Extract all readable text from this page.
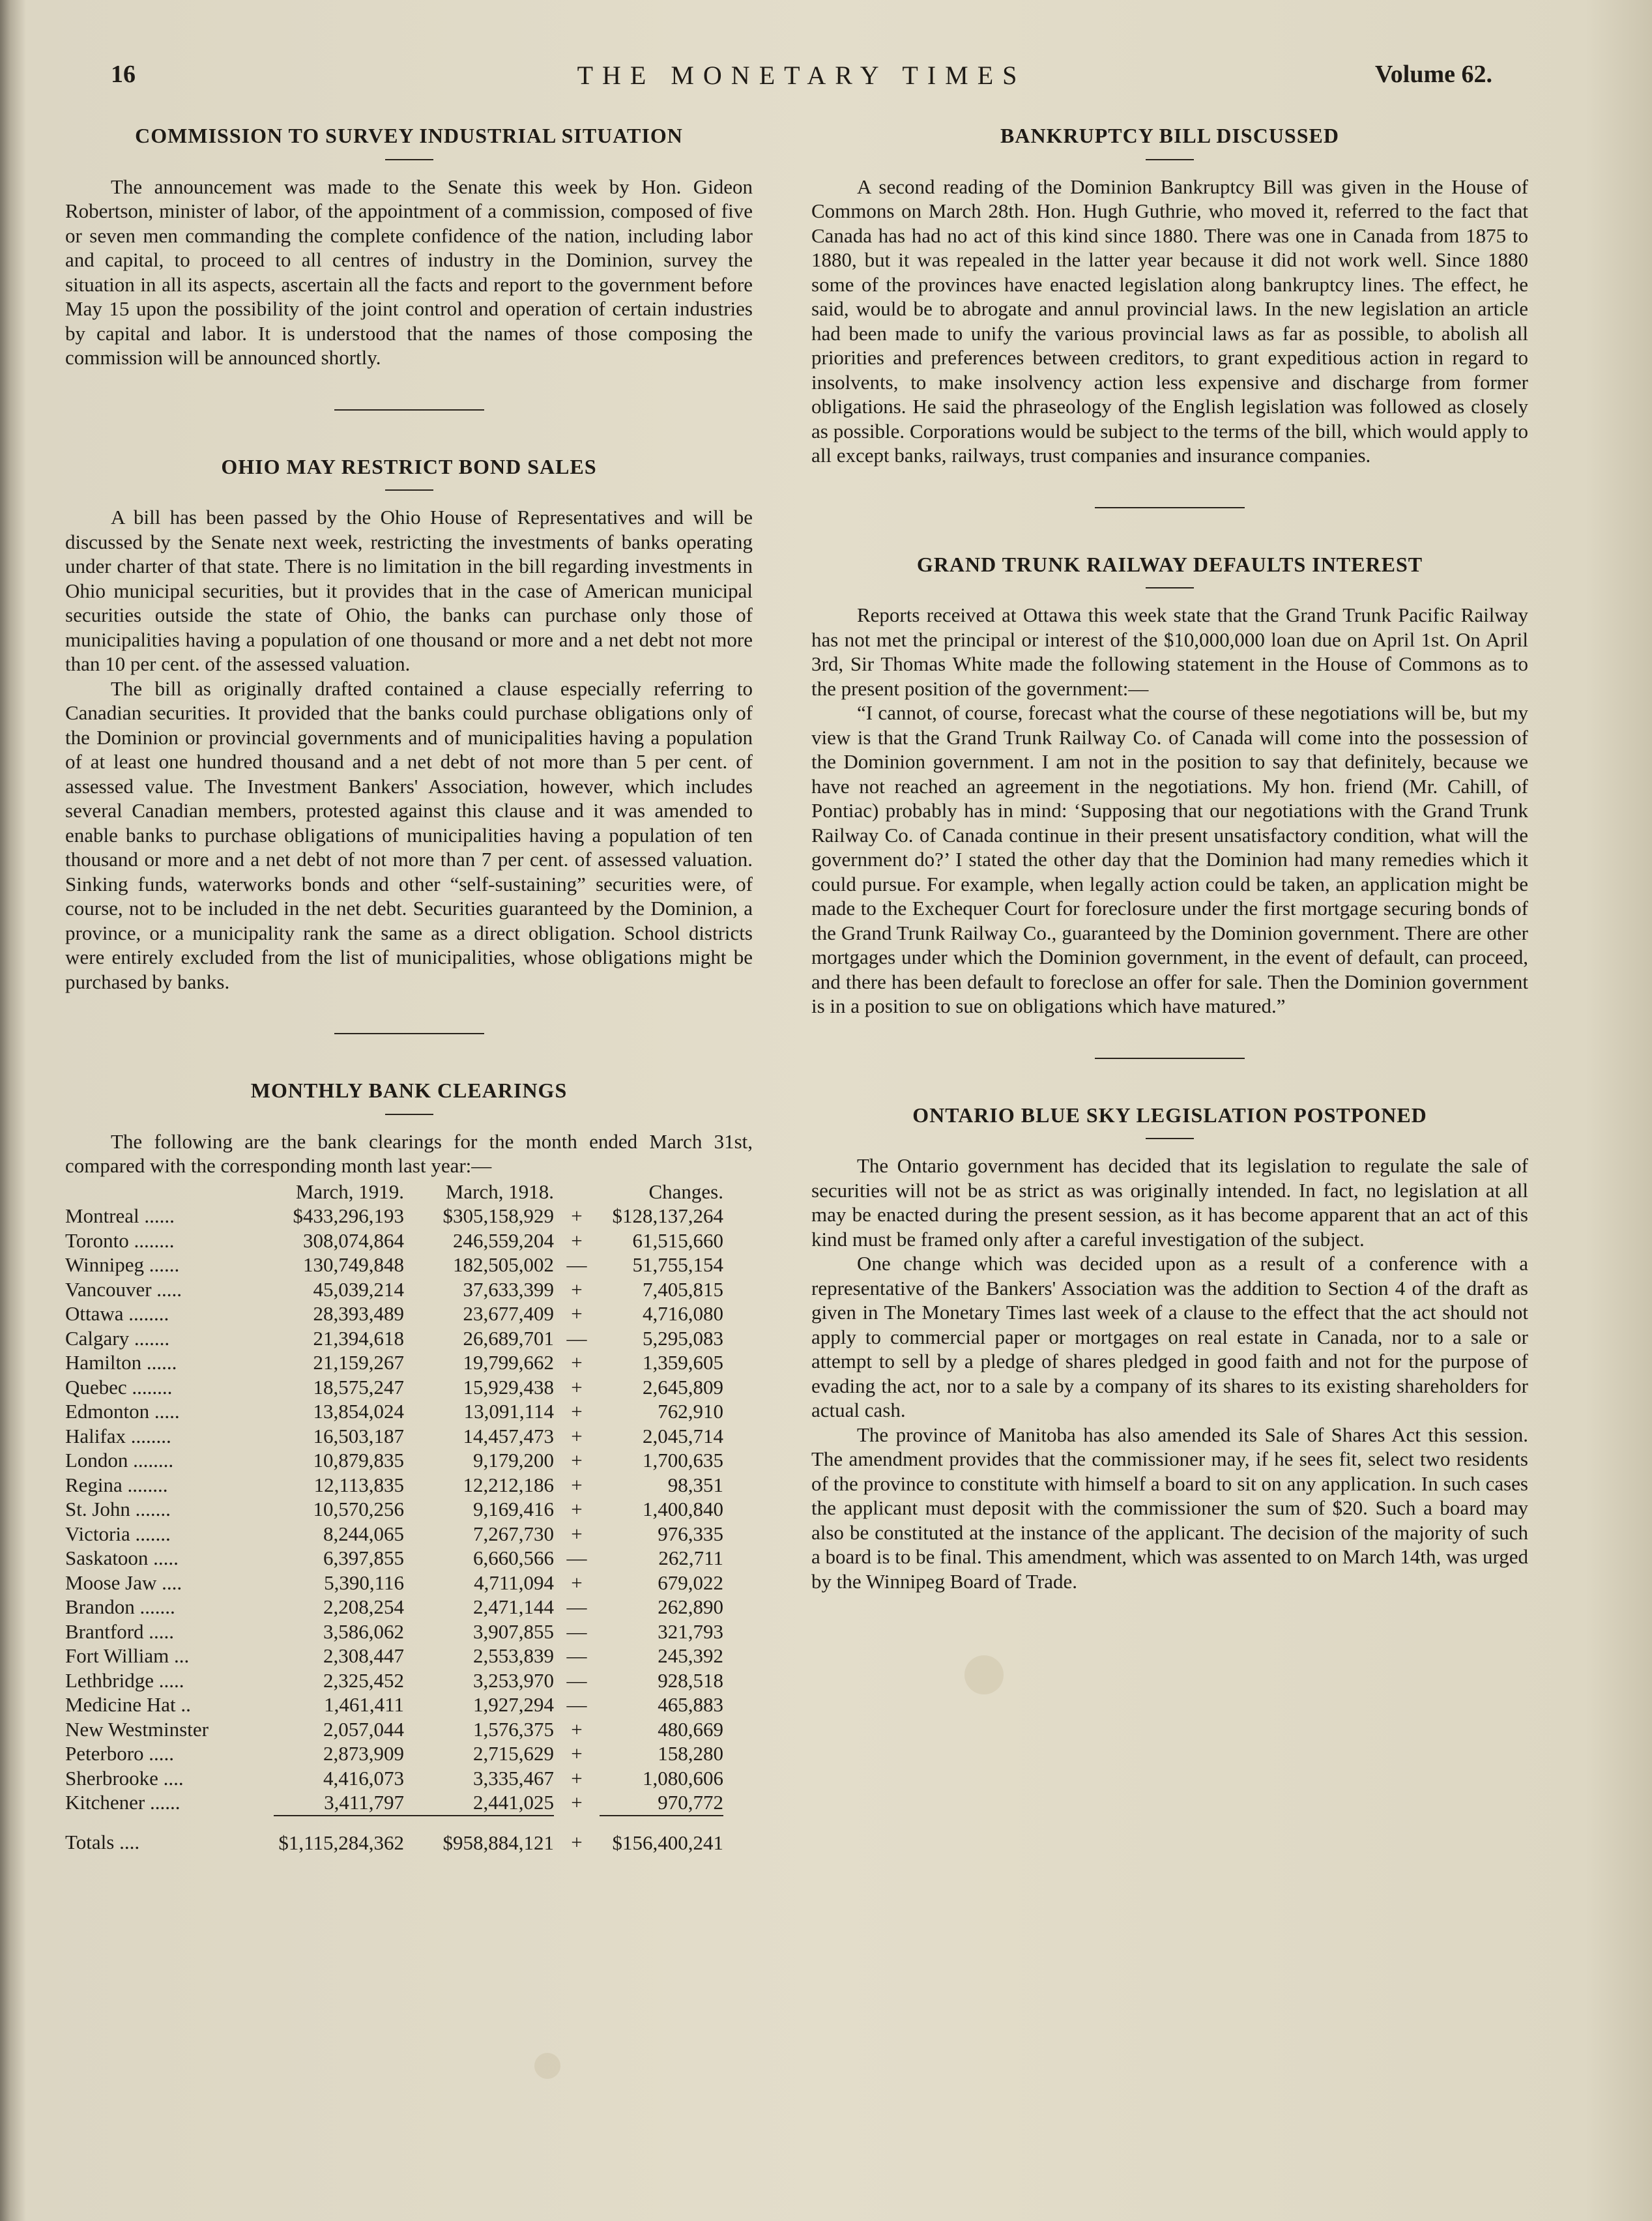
16	THE MONETARY TIMES	Volume 62.
COMMISSION TO SURVEY INDUSTRIAL SITUATION

The announcement was made to the Senate this week by Hon. Gideon Robertson, minister of labor, of the appointment of a commission, composed of five or seven men commanding the complete confidence of the nation, including labor and capital, to proceed to all centres of industry in the Dominion, survey the situation in all its aspects, ascertain all the facts and report to the government before May 15 upon the possibility of the joint control and operation of certain industries by capital and labor. It is understood that the names of those composing the commission will be announced shortly.

OHIO MAY RESTRICT BOND SALES

A bill has been passed by the Ohio House of Representatives and will be discussed by the Senate next week, restricting the investments of banks operating under charter of that state. There is no limitation in the bill regarding investments in Ohio municipal securities, but it provides that in the case of American municipal securities outside the state of Ohio, the banks can purchase only those of municipalities having a population of one thousand or more and a net debt not more than 10 per cent. of the assessed valuation.

The bill as originally drafted contained a clause especially referring to Canadian securities. It provided that the banks could purchase obligations only of the Dominion or provincial governments and of municipalities having a population of at least one hundred thousand and a net debt of not more than 5 per cent. of assessed value. The Investment Bankers' Association, however, which includes several Canadian members, protested against this clause and it was amended to enable banks to purchase obligations of municipalities having a population of ten thousand or more and a net debt of not more than 7 per cent. of assessed valuation. Sinking funds, waterworks bonds and other “self-sustaining” securities were, of course, not to be included in the net debt. Securities guaranteed by the Dominion, a province, or a municipality rank the same as a direct obligation. School districts were entirely excluded from the list of municipalities, whose obligations might be purchased by banks.

MONTHLY BANK CLEARINGS

The following are the bank clearings for the month ended March 31st, compared with the corresponding month last year:—

	March, 1919.	March, 1918.		Changes.
Montreal ......	$433,296,193	$305,158,929	+	$128,137,264
Toronto ........	308,074,864	246,559,204	+	61,515,660
Winnipeg ......	130,749,848	182,505,002	—	51,755,154
Vancouver .....	45,039,214	37,633,399	+	7,405,815
Ottawa ........	28,393,489	23,677,409	+	4,716,080
Calgary .......	21,394,618	26,689,701	—	5,295,083
Hamilton ......	21,159,267	19,799,662	+	1,359,605
Quebec ........	18,575,247	15,929,438	+	2,645,809
Edmonton .....	13,854,024	13,091,114	+	762,910
Halifax ........	16,503,187	14,457,473	+	2,045,714
London ........	10,879,835	9,179,200	+	1,700,635
Regina ........	12,113,835	12,212,186	+	98,351
St. John .......	10,570,256	9,169,416	+	1,400,840
Victoria .......	8,244,065	7,267,730	+	976,335
Saskatoon .....	6,397,855	6,660,566	—	262,711
Moose Jaw ....	5,390,116	4,711,094	+	679,022
Brandon .......	2,208,254	2,471,144	—	262,890
Brantford .....	3,586,062	3,907,855	—	321,793
Fort William ...	2,308,447	2,553,839	—	245,392
Lethbridge .....	2,325,452	3,253,970	—	928,518
Medicine Hat ..	1,461,411	1,927,294	—	465,883
New Westminster	2,057,044	1,576,375	+	480,669
Peterboro .....	2,873,909	2,715,629	+	158,280
Sherbrooke ....	4,416,073	3,335,467	+	1,080,606
Kitchener ......	3,411,797	2,441,025	+	970,772

Totals ....	$1,115,284,362	$958,884,121	+	$156,400,241
BANKRUPTCY BILL DISCUSSED

A second reading of the Dominion Bankruptcy Bill was given in the House of Commons on March 28th. Hon. Hugh Guthrie, who moved it, referred to the fact that Canada has had no act of this kind since 1880. There was one in Canada from 1875 to 1880, but it was repealed in the latter year because it did not work well. Since 1880 some of the provinces have enacted legislation along bankruptcy lines. The effect, he said, would be to abrogate and annul provincial laws. In the new legislation an article had been made to unify the various provincial laws as far as possible, to abolish all priorities and preferences between creditors, to grant expeditious action in regard to insolvents, to make insolvency action less expensive and discharge from former obligations. He said the phraseology of the English legislation was followed as closely as possible. Corporations would be subject to the terms of the bill, which would apply to all except banks, railways, trust companies and insurance companies.

GRAND TRUNK RAILWAY DEFAULTS INTEREST

Reports received at Ottawa this week state that the Grand Trunk Pacific Railway has not met the principal or interest of the $10,000,000 loan due on April 1st. On April 3rd, Sir Thomas White made the following statement in the House of Commons as to the present position of the government:—

“I cannot, of course, forecast what the course of these negotiations will be, but my view is that the Grand Trunk Railway Co. of Canada will come into the possession of the Dominion government. I am not in the position to say that definitely, because we have not reached an agreement in the negotiations. My hon. friend (Mr. Cahill, of Pontiac) probably has in mind: ‘Supposing that our negotiations with the Grand Trunk Railway Co. of Canada continue in their present unsatisfactory condition, what will the government do?’ I stated the other day that the Dominion had many remedies which it could pursue. For example, when legally action could be taken, an application might be made to the Exchequer Court for foreclosure under the first mortgage securing bonds of the Grand Trunk Railway Co., guaranteed by the Dominion government. There are other mortgages under which the Dominion government, in the event of default, can proceed, and there has been default to foreclose an offer for sale. Then the Dominion government is in a position to sue on obligations which have matured.”

ONTARIO BLUE SKY LEGISLATION POSTPONED

The Ontario government has decided that its legislation to regulate the sale of securities will not be as strict as was originally intended. In fact, no legislation at all may be enacted during the present session, as it has become apparent that an act of this kind must be framed only after a careful investigation of the subject.

One change which was decided upon as a result of a conference with a representative of the Bankers' Association was the addition to Section 4 of the draft as given in The Monetary Times last week of a clause to the effect that the act should not apply to commercial paper or mortgages on real estate in Canada, nor to a sale or attempt to sell by a pledge of shares pledged in good faith and not for the purpose of evading the act, nor to a sale by a company of its shares to its existing shareholders for actual cash.

The province of Manitoba has also amended its Sale of Shares Act this session. The amendment provides that the commissioner may, if he sees fit, select two residents of the province to constitute with himself a board to sit on any application. In such cases the applicant must deposit with the commissioner the sum of $20. Such a board may also be constituted at the instance of the applicant. The decision of the majority of such a board is to be final. This amendment, which was assented to on March 14th, was urged by the Winnipeg Board of Trade.
